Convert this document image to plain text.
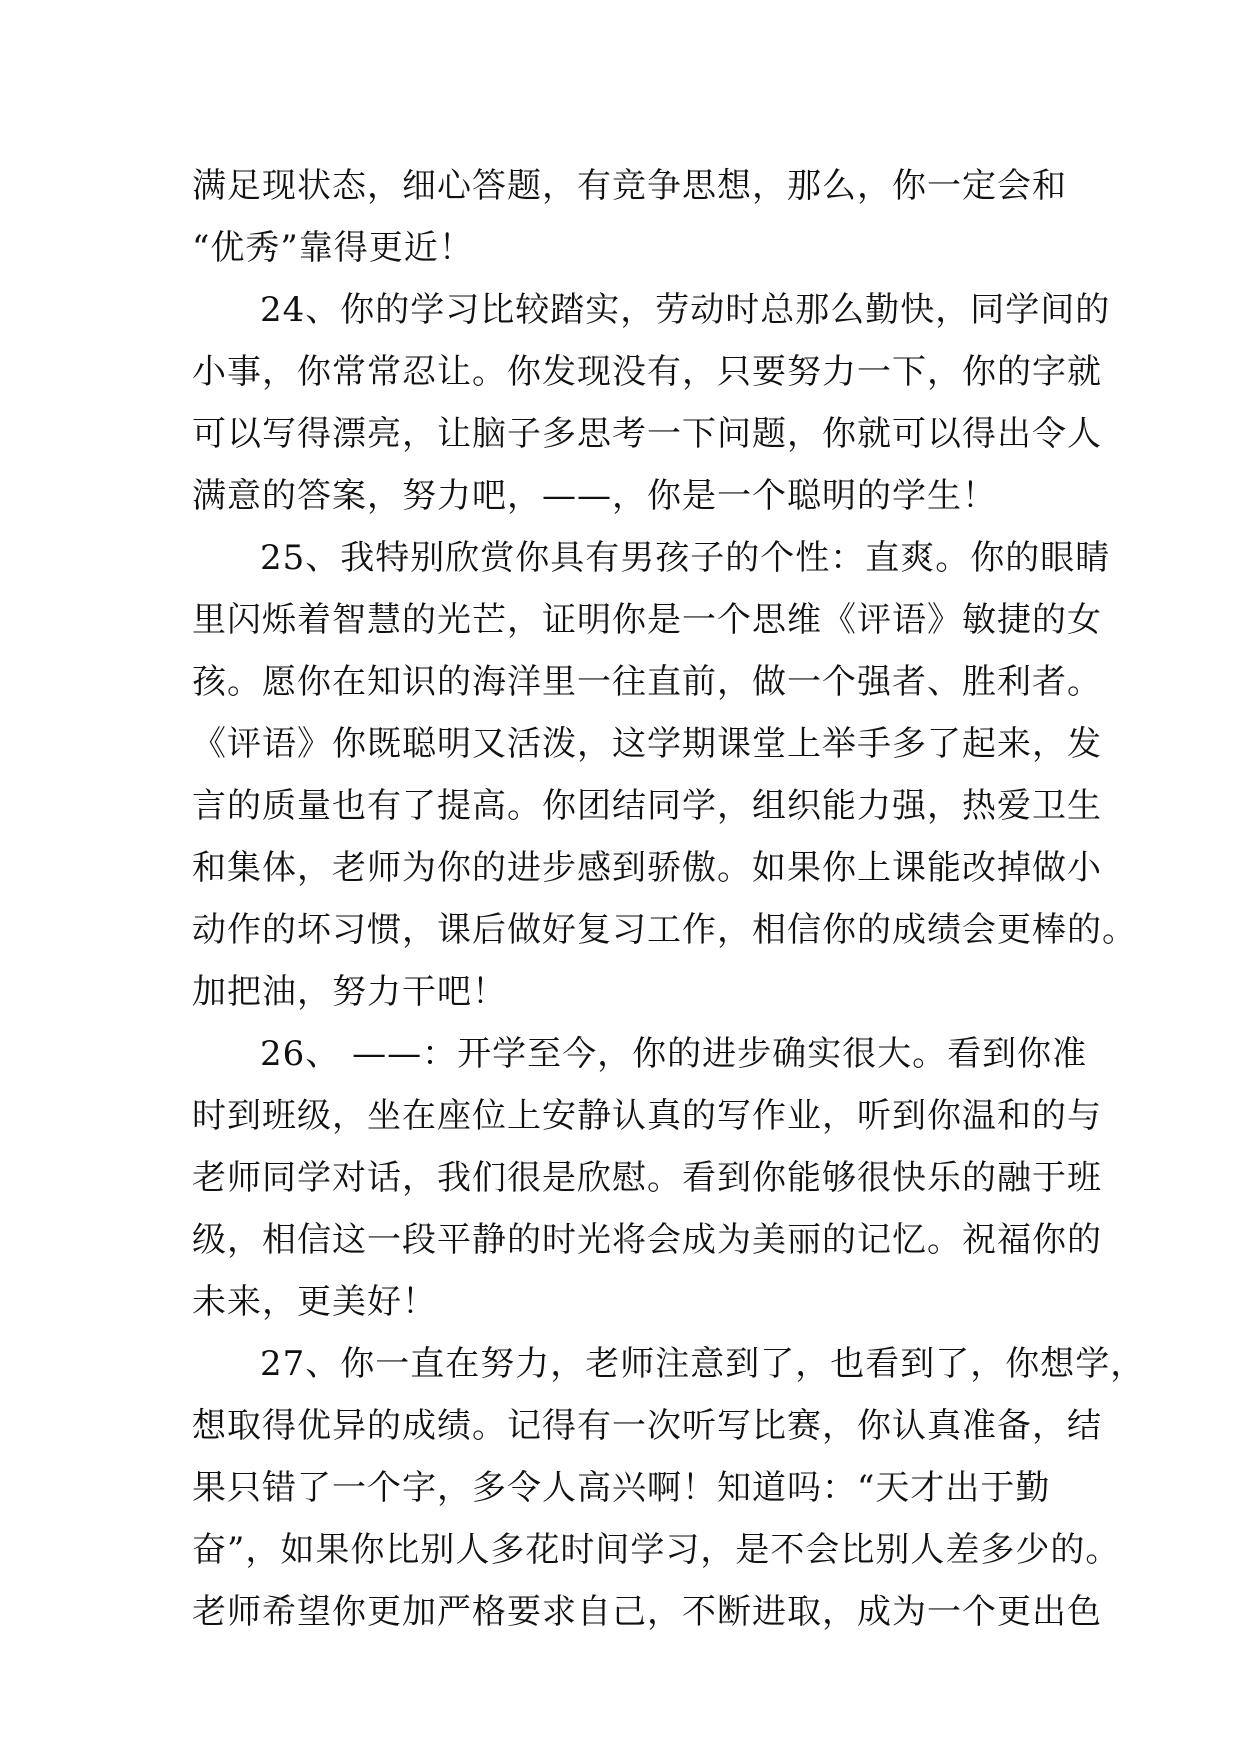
满足现状态，细心答题，有竞争思想，那么，你一定会和
“优秀”靠得更近！
24、你的学习比较踏实，劳动时总那么勤快，同学间的
小事，你常常忍让。你发现没有，只要努力一下，你的字就
可以写得漂亮，让脑子多思考一下问题，你就可以得出令人
满意的答案，努力吧，——，你是一个聪明的学生！
25、我特别欣赏你具有男孩子的个性：直爽。你的眼睛
里闪烁着智慧的光芒，证明你是一个思维《评语》敏捷的女
孩。愿你在知识的海洋里一往直前，做一个强者、胜利者。
《评语》你既聪明又活泼，这学期课堂上举手多了起来，发
言的质量也有了提高。你团结同学，组织能力强，热爱卫生
和集体，老师为你的进步感到骄傲。如果你上课能改掉做小
动作的坏习惯，课后做好复习工作，相信你的成绩会更棒的。
加把油，努力干吧！
26、 ——：开学至今，你的进步确实很大。看到你准
时到班级，坐在座位上安静认真的写作业，听到你温和的与
老师同学对话，我们很是欣慰。看到你能够很快乐的融于班
级，相信这一段平静的时光将会成为美丽的记忆。祝福你的
未来，更美好！
27、你一直在努力，老师注意到了，也看到了，你想学，
想取得优异的成绩。记得有一次听写比赛，你认真准备，结
果只错了一个字，多令人高兴啊！知道吗：“天才出于勤
奋”，如果你比别人多花时间学习，是不会比别人差多少的。
老师希望你更加严格要求自己，不断进取，成为一个更出色
